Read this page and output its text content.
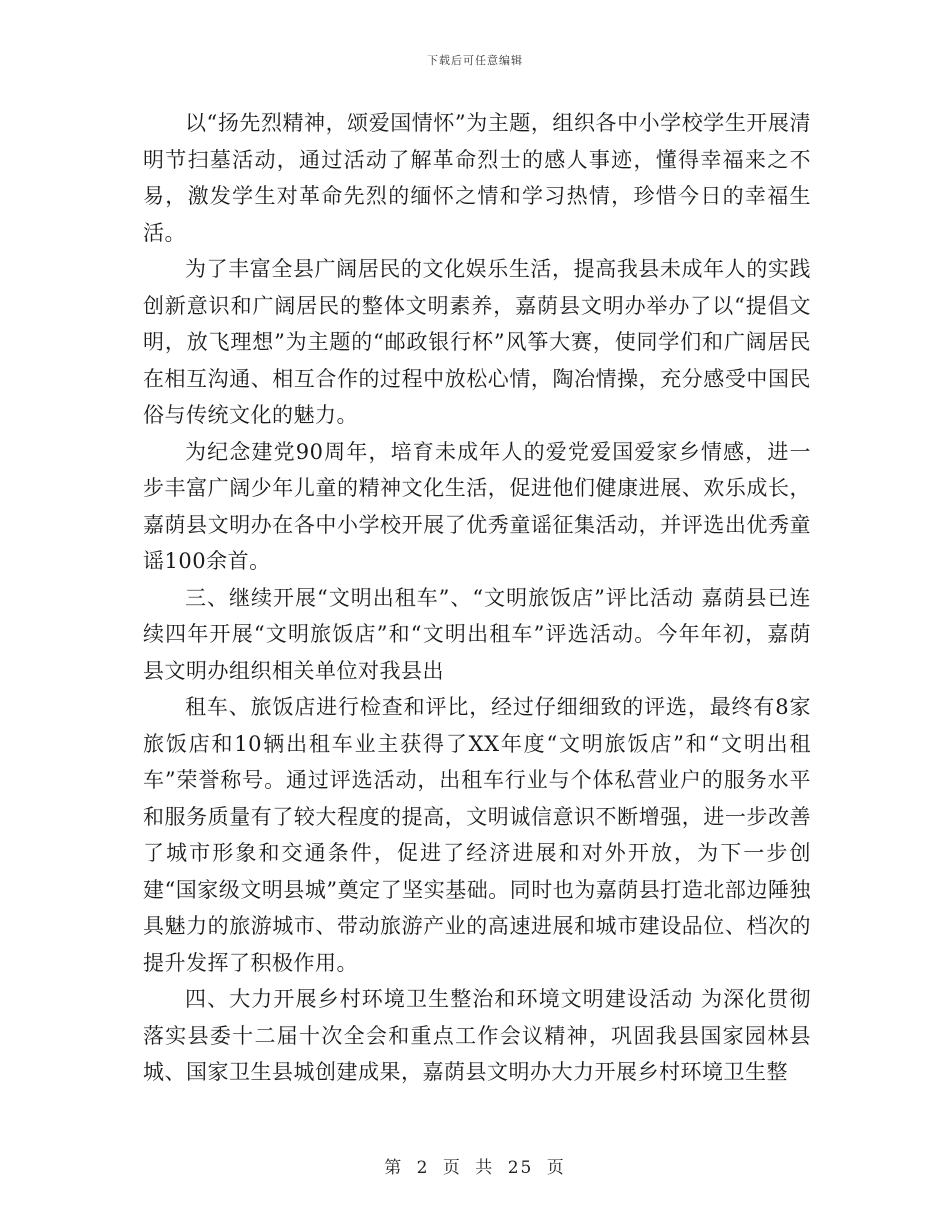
下载后可任意编辑

以“扬先烈精神，颂爱国情怀”为主题，组织各中小学校学生开展清明节扫墓活动，通过活动了解革命烈士的感人事迹，懂得幸福来之不易，激发学生对革命先烈的缅怀之情和学习热情，珍惜今日的幸福生活。

为了丰富全县广阔居民的文化娱乐生活，提高我县未成年人的实践创新意识和广阔居民的整体文明素养，嘉荫县文明办举办了以“提倡文明，放飞理想”为主题的“邮政银行杯”风筝大赛，使同学们和广阔居民在相互沟通、相互合作的过程中放松心情，陶冶情操，充分感受中国民俗与传统文化的魅力。

为纪念建党90周年，培育未成年人的爱党爱国爱家乡情感，进一步丰富广阔少年儿童的精神文化生活，促进他们健康进展、欢乐成长，嘉荫县文明办在各中小学校开展了优秀童谣征集活动，并评选出优秀童谣100余首。

三、继续开展“文明出租车”、“文明旅饭店”评比活动 嘉荫县已连续四年开展“文明旅饭店”和“文明出租车”评选活动。今年年初，嘉荫县文明办组织相关单位对我县出

租车、旅饭店进行检查和评比，经过仔细细致的评选，最终有8家旅饭店和10辆出租车业主获得了XX年度“文明旅饭店”和“文明出租车”荣誉称号。通过评选活动，出租车行业与个体私营业户的服务水平和服务质量有了较大程度的提高，文明诚信意识不断增强，进一步改善了城市形象和交通条件，促进了经济进展和对外开放，为下一步创建“国家级文明县城”奠定了坚实基础。同时也为嘉荫县打造北部边陲独具魅力的旅游城市、带动旅游产业的高速进展和城市建设品位、档次的提升发挥了积极作用。

四、大力开展乡村环境卫生整治和环境文明建设活动 为深化贯彻落实县委十二届十次全会和重点工作会议精神，巩固我县国家园林县城、国家卫生县城创建成果，嘉荫县文明办大力开展乡村环境卫生整

第 2 页 共 25 页
